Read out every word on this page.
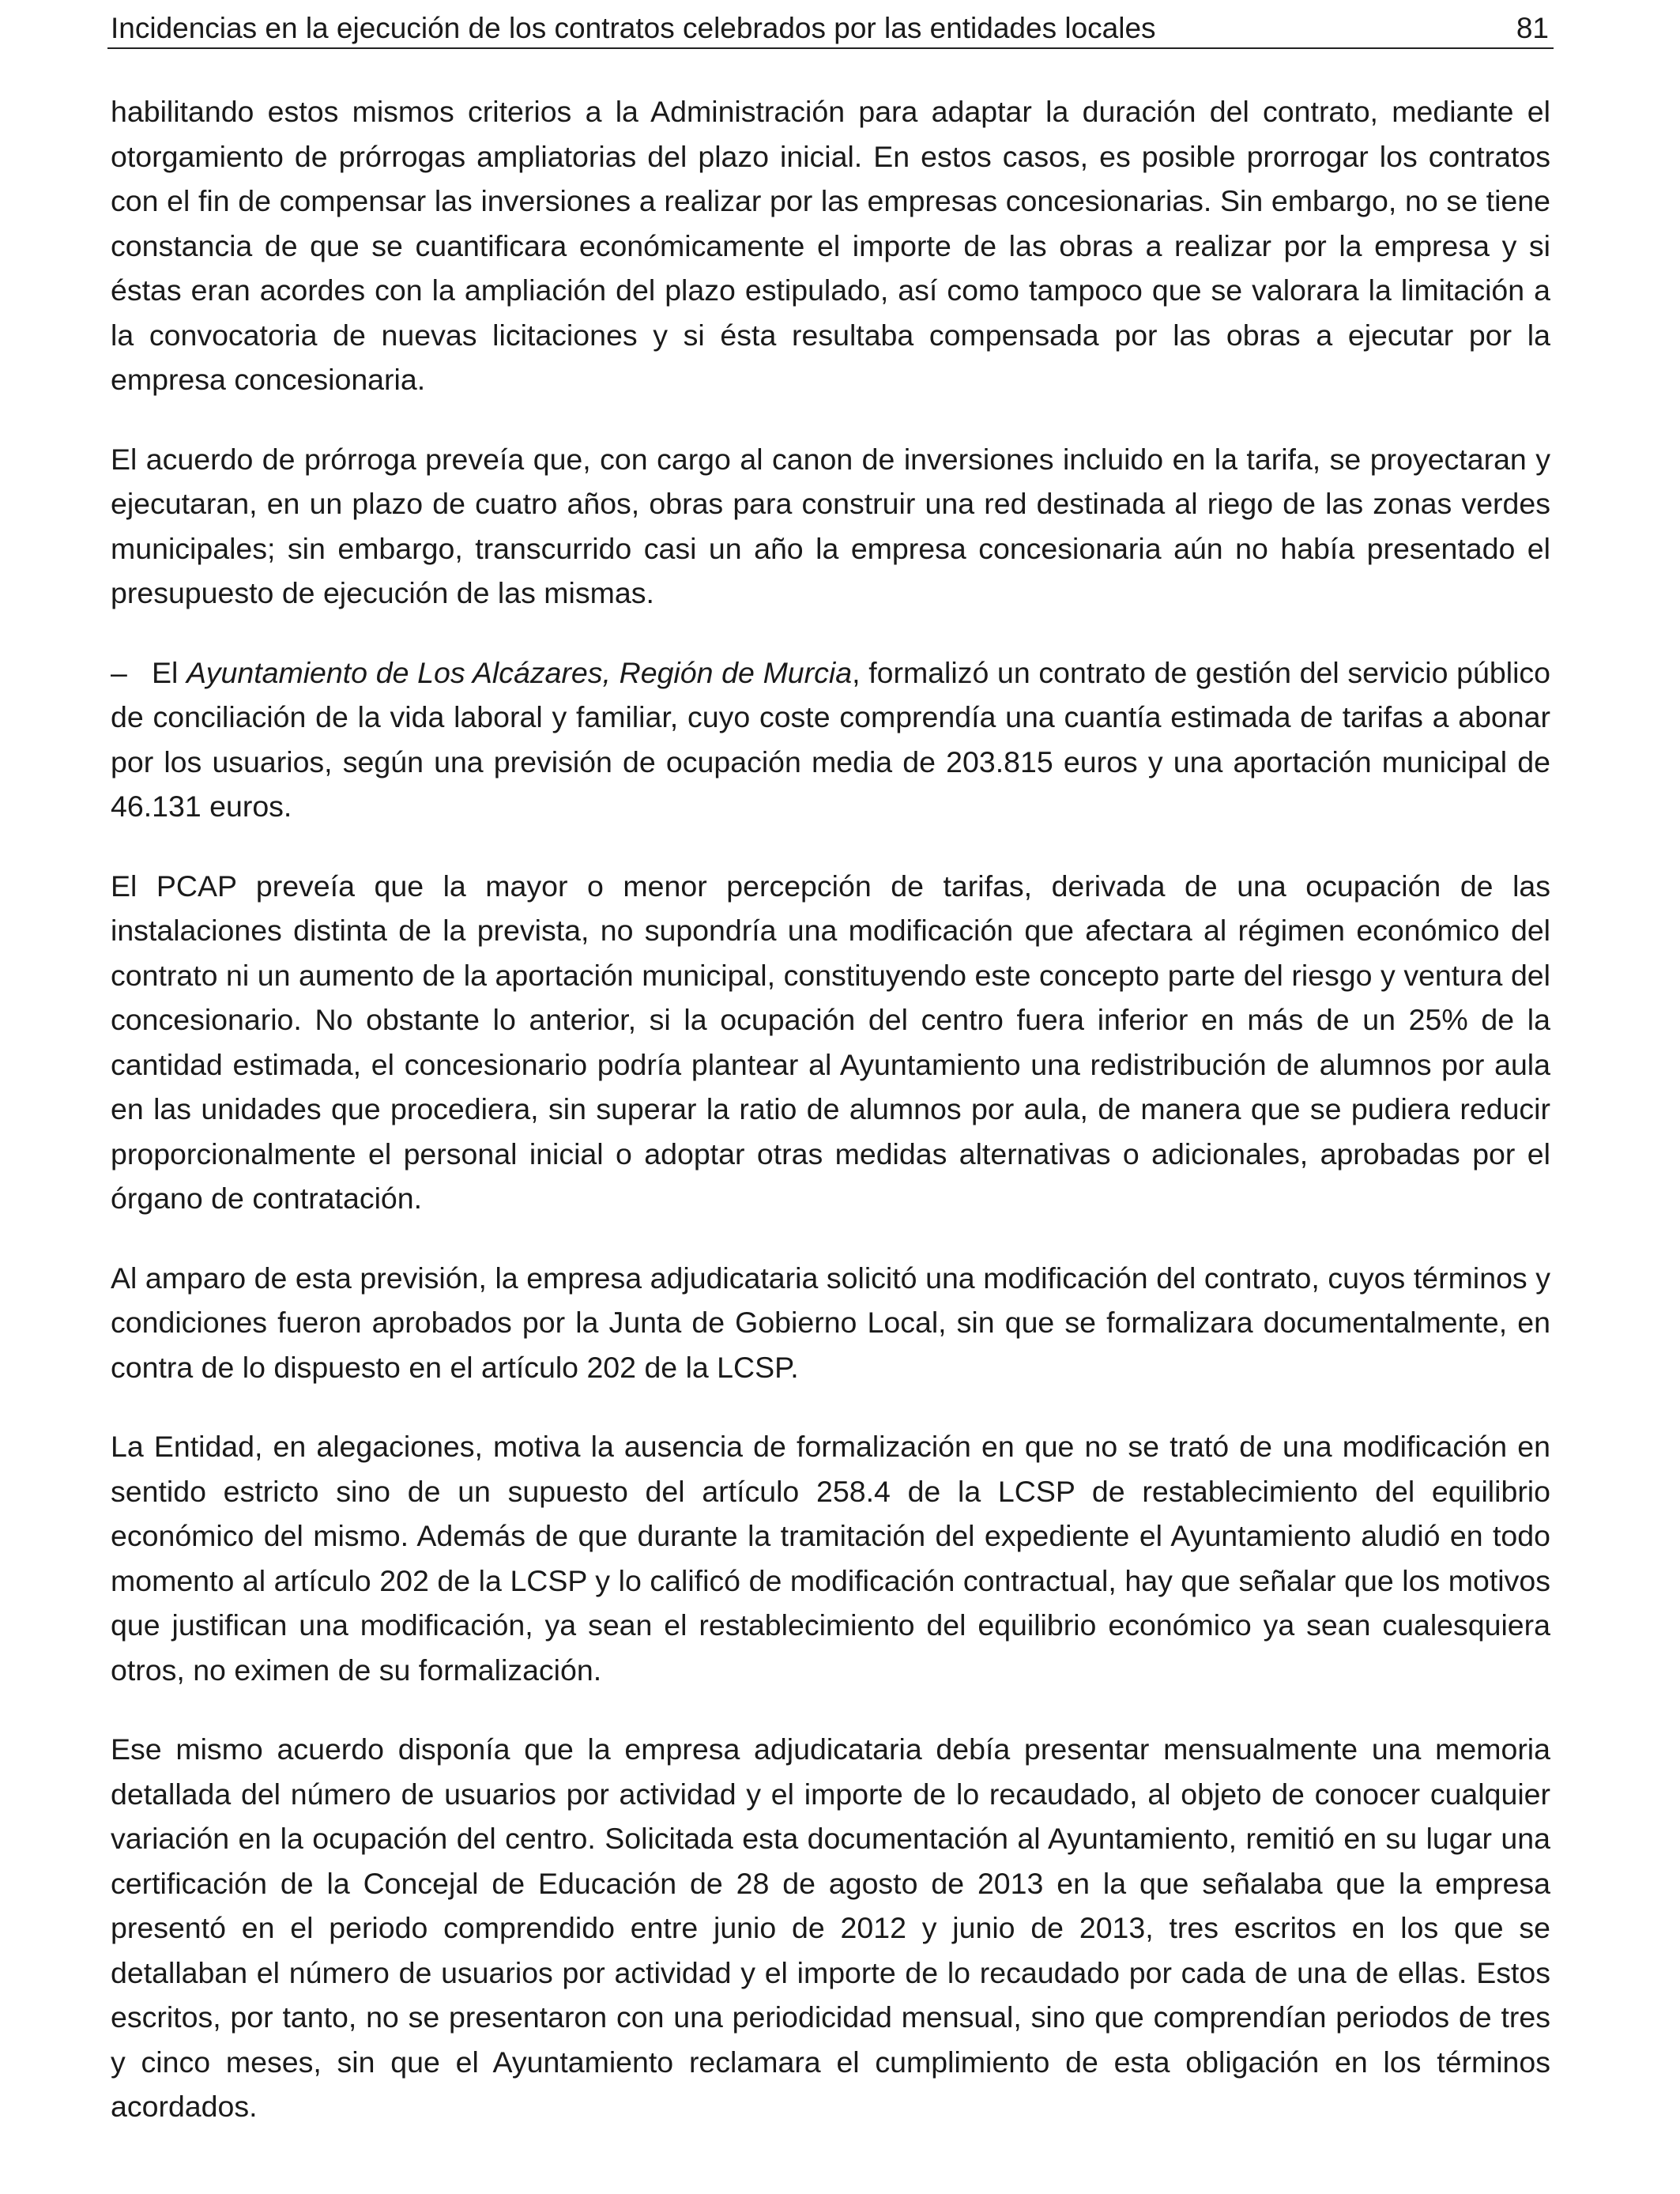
Incidencias en la ejecución de los contratos celebrados por las entidades locales	81

habilitando estos mismos criterios a la Administración para adaptar la duración del contrato, mediante el otorgamiento de prórrogas ampliatorias del plazo inicial. En estos casos, es posible prorrogar los contratos con el fin de compensar las inversiones a realizar por las empresas concesionarias. Sin embargo, no se tiene constancia de que se cuantificara económicamente el importe de las obras a realizar por la empresa y si éstas eran acordes con la ampliación del plazo estipulado, así como tampoco que se valorara la limitación a la convocatoria de nuevas licitaciones y si ésta resultaba compensada por las obras a ejecutar por la empresa concesionaria.

El acuerdo de prórroga preveía que, con cargo al canon de inversiones incluido en la tarifa, se proyectaran y ejecutaran, en un plazo de cuatro años, obras para construir una red destinada al riego de las zonas verdes municipales; sin embargo, transcurrido casi un año la empresa concesionaria aún no había presentado el presupuesto de ejecución de las mismas.

– El Ayuntamiento de Los Alcázares, Región de Murcia, formalizó un contrato de gestión del servicio público de conciliación de la vida laboral y familiar, cuyo coste comprendía una cuantía estimada de tarifas a abonar por los usuarios, según una previsión de ocupación media de 203.815 euros y una aportación municipal de 46.131 euros.

El PCAP preveía que la mayor o menor percepción de tarifas, derivada de una ocupación de las instalaciones distinta de la prevista, no supondría una modificación que afectara al régimen económico del contrato ni un aumento de la aportación municipal, constituyendo este concepto parte del riesgo y ventura del concesionario. No obstante lo anterior, si la ocupación del centro fuera inferior en más de un 25% de la cantidad estimada, el concesionario podría plantear al Ayuntamiento una redistribución de alumnos por aula en las unidades que procediera, sin superar la ratio de alumnos por aula, de manera que se pudiera reducir proporcionalmente el personal inicial o adoptar otras medidas alternativas o adicionales, aprobadas por el órgano de contratación.

Al amparo de esta previsión, la empresa adjudicataria solicitó una modificación del contrato, cuyos términos y condiciones fueron aprobados por la Junta de Gobierno Local, sin que se formalizara documentalmente, en contra de lo dispuesto en el artículo 202 de la LCSP.

La Entidad, en alegaciones, motiva la ausencia de formalización en que no se trató de una modificación en sentido estricto sino de un supuesto del artículo 258.4 de la LCSP de restablecimiento del equilibrio económico del mismo. Además de que durante la tramitación del expediente el Ayuntamiento aludió en todo momento al artículo 202 de la LCSP y lo calificó de modificación contractual, hay que señalar que los motivos que justifican una modificación, ya sean el restablecimiento del equilibrio económico ya sean cualesquiera otros, no eximen de su formalización.

Ese mismo acuerdo disponía que la empresa adjudicataria debía presentar mensualmente una memoria detallada del número de usuarios por actividad y el importe de lo recaudado, al objeto de conocer cualquier variación en la ocupación del centro. Solicitada esta documentación al Ayuntamiento, remitió en su lugar una certificación de la Concejal de Educación de 28 de agosto de 2013 en la que señalaba que la empresa presentó en el periodo comprendido entre junio de 2012 y junio de 2013, tres escritos en los que se detallaban el número de usuarios por actividad y el importe de lo recaudado por cada de una de ellas. Estos escritos, por tanto, no se presentaron con una periodicidad mensual, sino que comprendían periodos de tres y cinco meses, sin que el Ayuntamiento reclamara el cumplimiento de esta obligación en los términos acordados.
